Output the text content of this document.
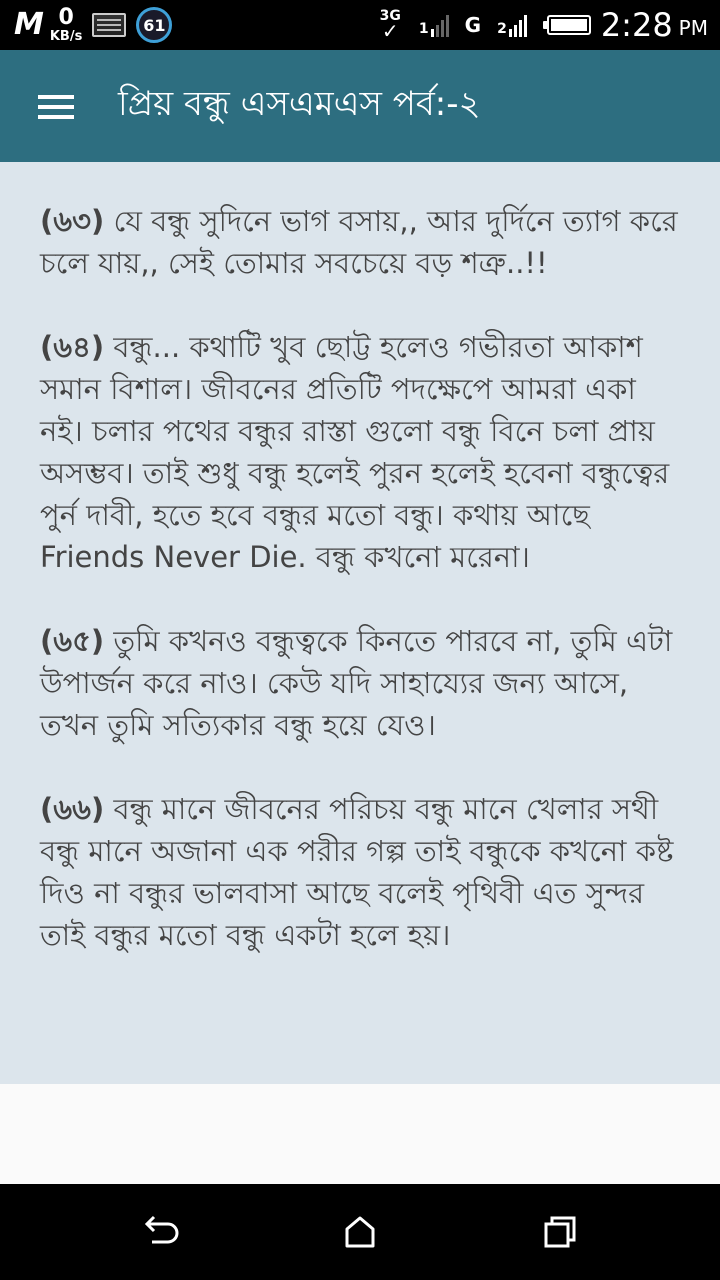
M 0
KB/s
61	3G
✓ 1 G 2	2:28 PM
প্রিয় বন্ধু এসএমএস পর্ব:-২

(৬৩) যে বন্ধু সুদিনে ভাগ বসায়,, আর দুর্দিনে ত্যাগ করে চলে যায়,, সেই তোমার সবচেয়ে বড় শত্রু..!!

(৬৪) বন্ধু... কথাটি খুব ছোট্ট হলেও গভীরতা আকাশ সমান বিশাল। জীবনের প্রতিটি পদক্ষেপে আমরা একা নই। চলার পথের বন্ধুর রাস্তা গুলো বন্ধু বিনে চলা প্রায় অসম্ভব। তাই শুধু বন্ধু হলেই পুরন হলেই হবেনা বন্ধুত্বের পুর্ন দাবী, হতে হবে বন্ধুর মতো বন্ধু। কথায় আছে Friends Never Die. বন্ধু কখনো মরেনা।

(৬৫) তুমি কখনও বন্ধুত্বকে কিনতে পারবে না, তুমি এটা উপার্জন করে নাও। কেউ যদি সাহায্যের জন্য আসে, তখন তুমি সত্যিকার বন্ধু হয়ে যেও।

(৬৬) বন্ধু মানে জীবনের পরিচয় বন্ধু মানে খেলার সথী বন্ধু মানে অজানা এক পরীর গল্প তাই বন্ধুকে কখনো কষ্ট দিও না বন্ধুর ভালবাসা আছে বলেই পৃথিবী এত সুন্দর তাই বন্ধুর মতো বন্ধু একটা হলে হয়।
